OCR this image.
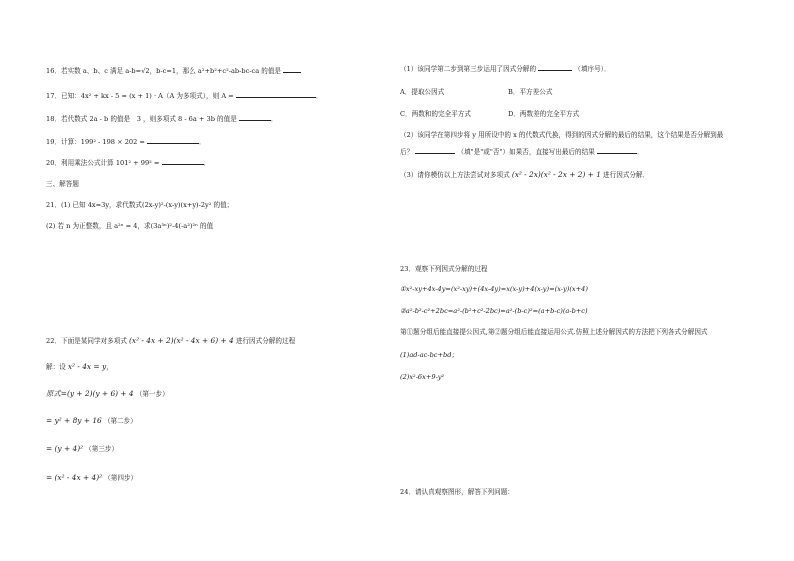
16．若实数 a、b、c 满足 a-b=√2，b-c=1，那么 a²+b²+c²-ab-bc-ca 的值是
17．已知：4x² + kx - 5 = (x + 1) · A（A 为多项式），则 A =	．
18．若代数式 2a - b 的值是　3 ，则多项式 8 - 6a + 3b 的值是	．
19．计算：199² - 198 × 202 =	．
20．利用乘法公式计算 101² + 99² =	．
三、解答题
21．(1) 已知 4x=3y，求代数式(2x-y)²-(x-y)(x+y)-2y² 的值；
(2) 若 n 为正整数，且 a²ⁿ = 4，求(3a³ⁿ)²-4(-a²)²ⁿ 的值
22．下面是某同学对多项式 (x² - 4x + 2)(x² - 4x + 6) + 4 进行因式分解的过程
解：设 x² - 4x = y，
原式=(y + 2)(y + 6) + 4 （第一步）
= y² + 8y + 16 （第二步）
= (y + 4)² （第三步）
= (x² - 4x + 4)² （第四步）
（1）该同学第二步到第三步运用了因式分解的	（填序号）．
A．提取公因式	B．平方差公式
C．两数和的完全平方式	D．两数差的完全平方式
（2）该同学在第四步将 y 用所设中的 x 的代数式代换，得到的因式分解的最后的结果，这个结果是否分解到最
后？	（填"是"或"否"）如果否，直接写出最后的结果	．
（3）请你模仿以上方法尝试对多项式 (x² - 2x)(x² - 2x + 2) + 1 进行因式分解．
23．观察下列因式分解的过程
①x²-xy+4x-4y=(x²-xy)+(4x-4y)=x(x-y)+4(x-y)=(x-y)(x+4)
②a²-b²-c²+2bc=a²-(b²+c²-2bc)=a²-(b-c)²=(a+b-c)(a-b+c)
第①题分组后能直接提公因式,第②题分组后能直接运用公式.仿照上述分解因式的方法把下列各式分解因式
(1)ad-ac-bc+bd；
(2)x²-6x+9-y²
24．请认真观察图形，解答下列问题：
